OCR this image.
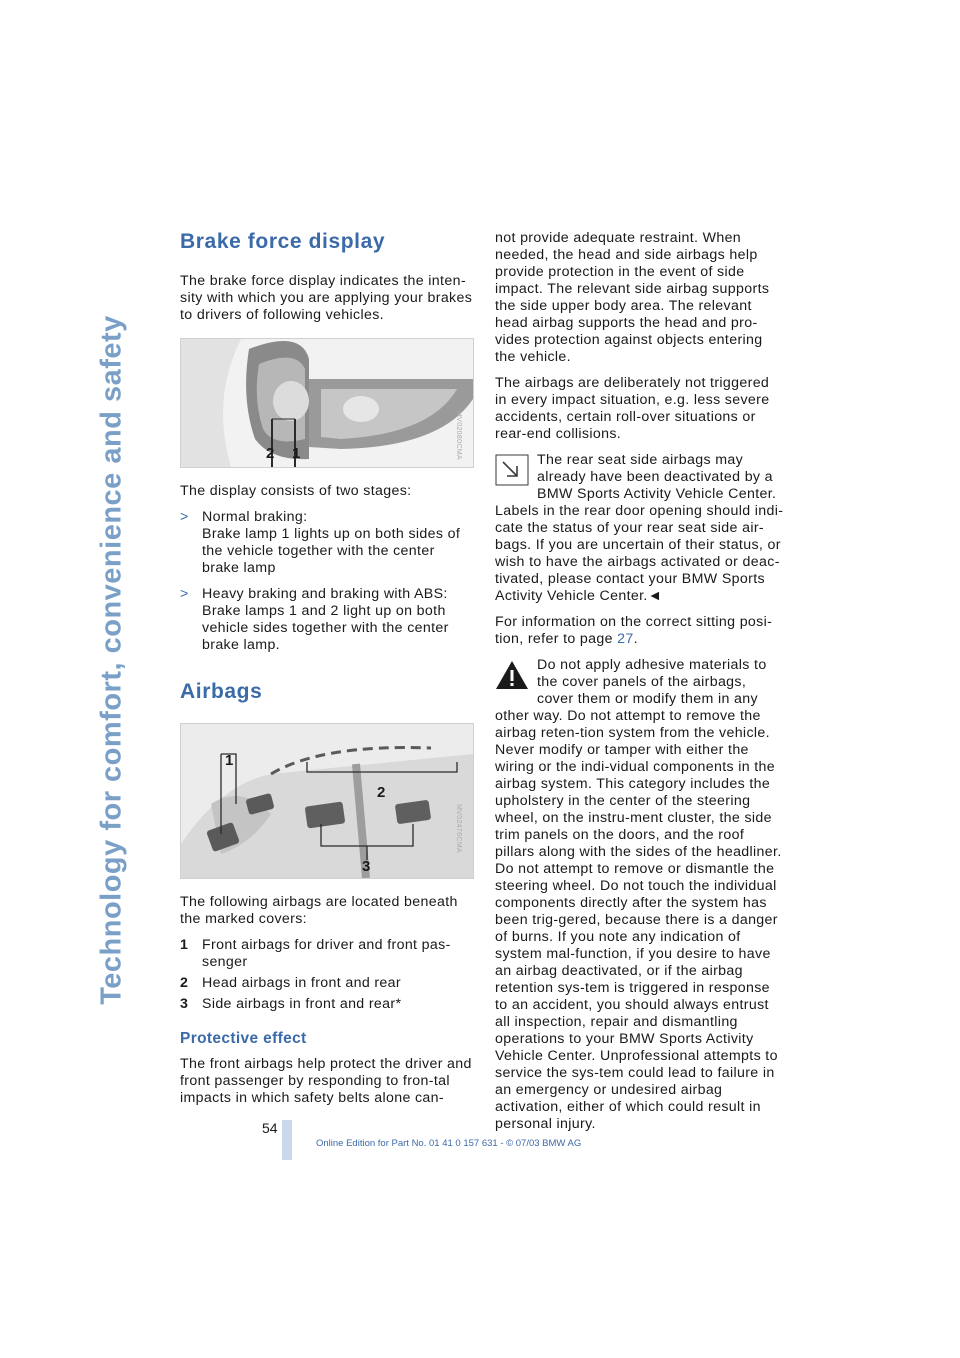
Technology for comfort, convenience and safety
Brake force display

The brake force display indicates the inten-sity with which you are applying your brakes to drivers of following vehicles.

2 1	MV02080CMA

The display consists of two stages:

> Normal braking:
Brake lamp 1 lights up on both sides of the vehicle together with the center brake lamp
> Heavy braking and braking with ABS: Brake lamps 1 and 2 light up on both vehicle sides together with the center brake lamp.
Airbags
1
2
3
MV02476CMA

The following airbags are located beneath the marked covers:

1 Front airbags for driver and front pas-senger
2 Head airbags in front and rear
3 Side airbags in front and rear*
Protective effect

The front airbags help protect the driver and front passenger by responding to fron-tal impacts in which safety belts alone can-

not provide adequate restraint. When needed, the head and side airbags help provide protection in the event of side impact. The relevant side airbag supports the side upper body area. The relevant head airbag supports the head and pro-vides protection against objects entering the vehicle.

The airbags are deliberately not triggered in every impact situation, e.g. less severe accidents, certain roll-over situations or rear-end collisions.

The rear seat side airbags may already have been deactivated by a BMW Sports Activity Vehicle Center. Labels in the rear door opening should indi-cate the status of your rear seat side air-bags. If you are uncertain of their status, or wish to have the airbags activated or deac-tivated, please contact your BMW Sports Activity Vehicle Center.◄

For information on the correct sitting posi-tion, refer to page 27.

Do not apply adhesive materials to the cover panels of the airbags, cover them or modify them in any other way. Do not attempt to remove the airbag reten-tion system from the vehicle. Never modify or tamper with either the wiring or the indi-vidual components in the airbag system. This category includes the upholstery in the center of the steering wheel, on the instru-ment cluster, the side trim panels on the doors, and the roof pillars along with the sides of the headliner. Do not attempt to remove or dismantle the steering wheel. Do not touch the individual components directly after the system has been trig-gered, because there is a danger of burns. If you note any indication of system mal-function, if you desire to have an airbag deactivated, or if the airbag retention sys-tem is triggered in response to an accident, you should always entrust all inspection, repair and dismantling operations to your BMW Sports Activity Vehicle Center. Unprofessional attempts to service the sys-tem could lead to failure in an emergency or undesired airbag activation, either of which could result in personal injury.

54
Online Edition for Part No. 01 41 0 157 631 - © 07/03 BMW AG
